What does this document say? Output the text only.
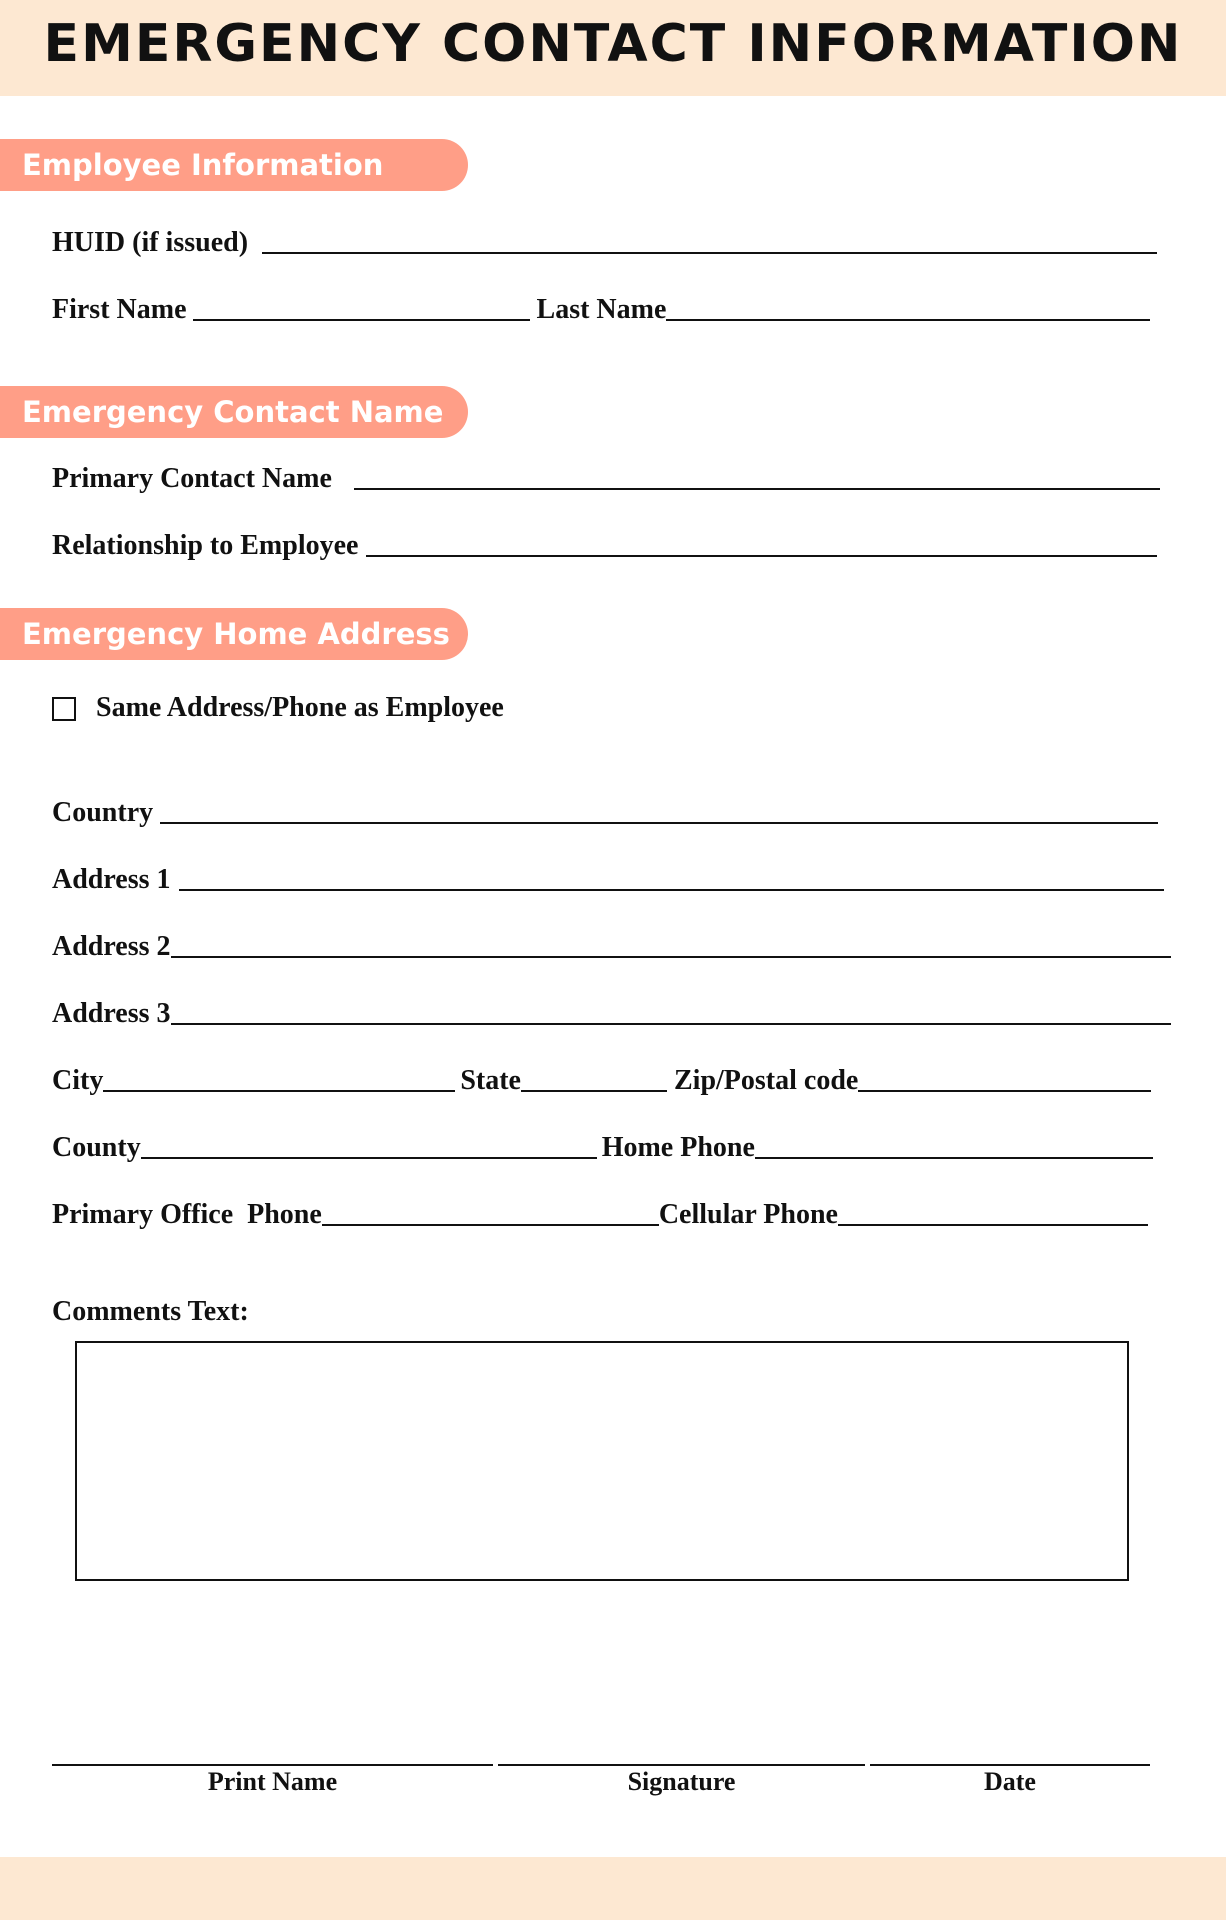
EMERGENCY CONTACT INFORMATION
Employee Information
HUID (if issued)
First Name	Last Name
Emergency Contact Name
Primary Contact Name
Relationship to Employee
Emergency Home Address
Same Address/Phone as Employee
Country
Address 1
Address 2
Address 3
City	State	Zip/Postal code
County	Home Phone
Primary Office  Phone	Cellular Phone
Comments Text:
Print Name	Signature	Date
